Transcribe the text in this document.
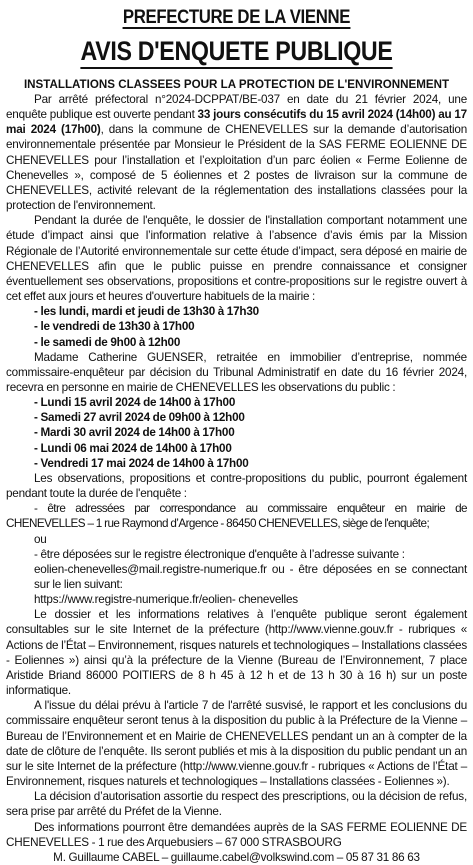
PREFECTURE DE LA VIENNE
AVIS D'ENQUETE PUBLIQUE
INSTALLATIONS CLASSEES POUR LA PROTECTION DE L'ENVIRONNEMENT

Par arrêté préfectoral n°2024-DCPPAT/BE-037 en date du 21 février 2024, une enquête publique est ouverte pendant 33 jours consécutifs du 15 avril 2024 (14h00) au 17 mai 2024 (17h00), dans la commune de CHENEVELLES sur la demande d’autorisation environnementale présentée par Monsieur le Président de la SAS FERME EOLIENNE DE CHENEVELLES pour l’installation et l’exploitation d’un parc éolien « Ferme Eolienne de Chenevelles », composé de 5 éoliennes et 2 postes de livraison sur la commune de CHENEVELLES, activité relevant de la réglementation des installations classées pour la protection de l'environnement.

Pendant la durée de l'enquête, le dossier de l'installation comportant notamment une étude d’impact ainsi que l’information relative à l’absence d’avis émis par la Mission Régionale de l’Autorité environnementale sur cette étude d’impact, sera déposé en mairie de CHENEVELLES afin que le public puisse en prendre connaissance et consigner éventuellement ses observations, propositions et contre-propositions sur le registre ouvert à cet effet aux jours et heures d'ouverture habituels de la mairie :

- les lundi, mardi et jeudi de 13h30 à 17h30

- le vendredi de 13h30 à 17h00

- le samedi de 9h00 à 12h00

Madame Catherine GUENSER, retraitée en immobilier d’entreprise, nommée commissaire-enquêteur par décision du Tribunal Administratif en date du 16 février 2024, recevra en personne en mairie de CHENEVELLES les observations du public :

- Lundi 15 avril 2024 de 14h00 à 17h00

- Samedi 27 avril 2024 de 09h00 à 12h00

- Mardi 30 avril 2024 de 14h00 à 17h00

- Lundi 06 mai 2024 de 14h00 à 17h00

- Vendredi 17 mai 2024 de 14h00 à 17h00

Les observations, propositions et contre-propositions du public, pourront également pendant toute la durée de l'enquête :

- être adressées par correspondance au commissaire enquêteur en mairie de CHENEVELLES – 1 rue Raymond d’Argence - 86450 CHENEVELLES, siège de l'enquête;

ou

- être déposées sur le registre électronique d'enquête à l’adresse suivante :

eolien-chenevelles@mail.registre-numerique.fr ou - être déposées en se connectant sur le lien suivant:

https://www.registre-numerique.fr/eolien- chenevelles

Le dossier et les informations relatives à l’enquête publique seront également consultables sur le site Internet de la préfecture (http://www.vienne.gouv.fr - rubriques « Actions de l’État – Environnement, risques naturels et technologiques – Installations classées - Eoliennes ») ainsi qu’à la préfecture de la Vienne (Bureau de l’Environnement, 7 place Aristide Briand 86000 POITIERS de 8 h 45 à 12 h et de 13 h 30 à 16 h) sur un poste informatique.

A l'issue du délai prévu à l'article 7 de l'arrêté susvisé, le rapport et les conclusions du commissaire enquêteur seront tenus à la disposition du public à la Préfecture de la Vienne – Bureau de l’Environnement et en Mairie de CHENEVELLES pendant un an à compter de la date de clôture de l’enquête. Ils seront publiés et mis à la disposition du public pendant un an sur le site Internet de la préfecture (http://www.vienne.gouv.fr - rubriques « Actions de l’État – Environnement, risques naturels et technologiques – Installations classées - Eoliennes »).

La décision d’autorisation assortie du respect des prescriptions, ou la décision de refus, sera prise par arrêté du Préfet de la Vienne.

Des informations pourront être demandées auprès de la SAS FERME EOLIENNE DE CHENEVELLES - 1 rue des Arquebusiers – 67 000 STRASBOURG

M. Guillaume CABEL – guillaume.cabel@volkswind.com – 05 87 31 86 63
